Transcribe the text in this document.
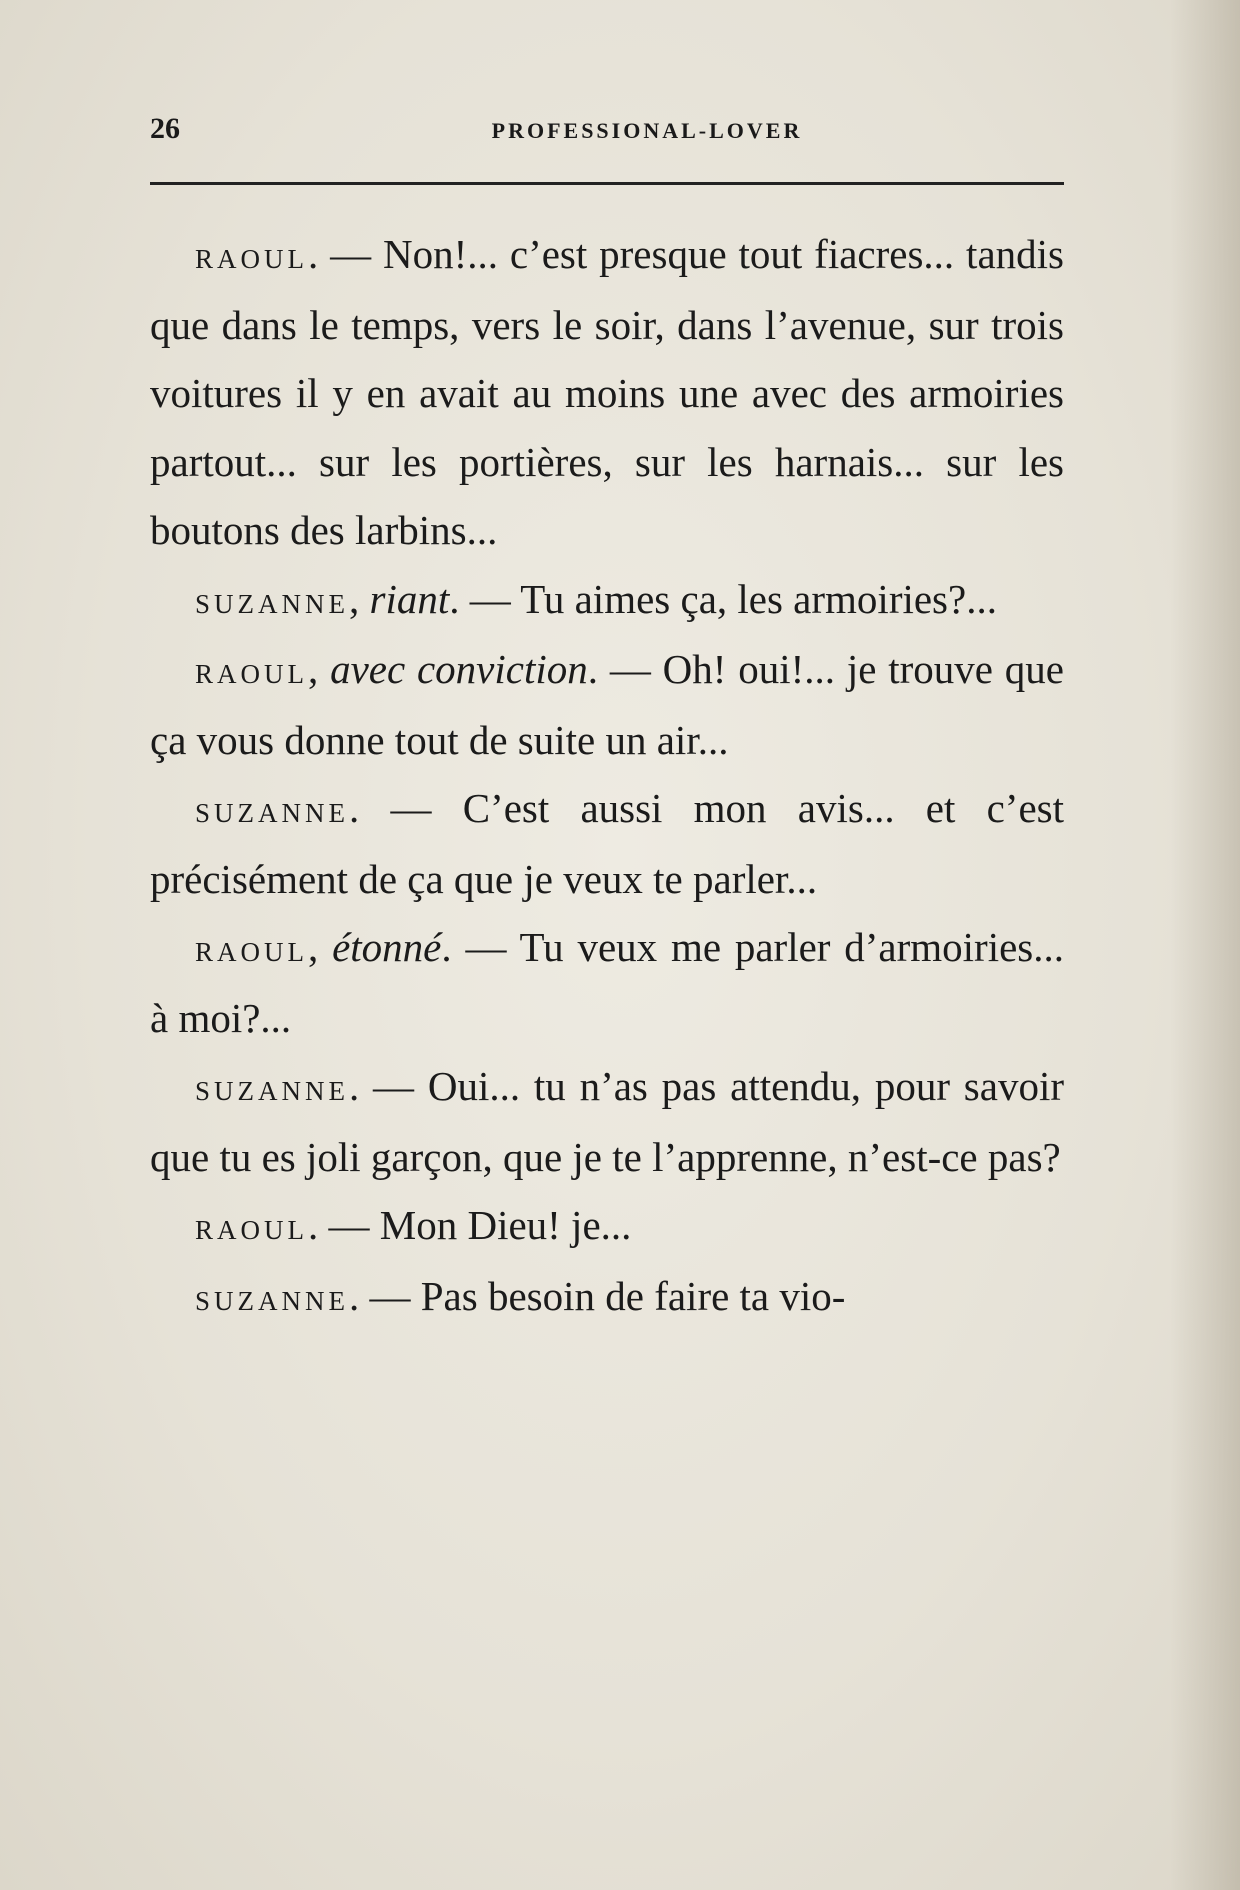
26	PROFESSIONAL-LOVER

raoul. — Non!... c’est presque tout fiacres... tandis que dans le temps, vers le soir, dans l’avenue, sur trois voitures il y en avait au moins une avec des armoiries partout... sur les portières, sur les harnais... sur les boutons des larbins...

suzanne, riant. — Tu aimes ça, les armoiries?...

raoul, avec conviction. — Oh! oui!... je trouve que ça vous donne tout de suite un air...

suzanne. — C’est aussi mon avis... et c’est précisément de ça que je veux te parler...

raoul, étonné. — Tu veux me parler d’armoiries... à moi?...

suzanne. — Oui... tu n’as pas attendu, pour savoir que tu es joli garçon, que je te l’apprenne, n’est-ce pas?

raoul. — Mon Dieu! je...

suzanne. — Pas besoin de faire ta vio-
